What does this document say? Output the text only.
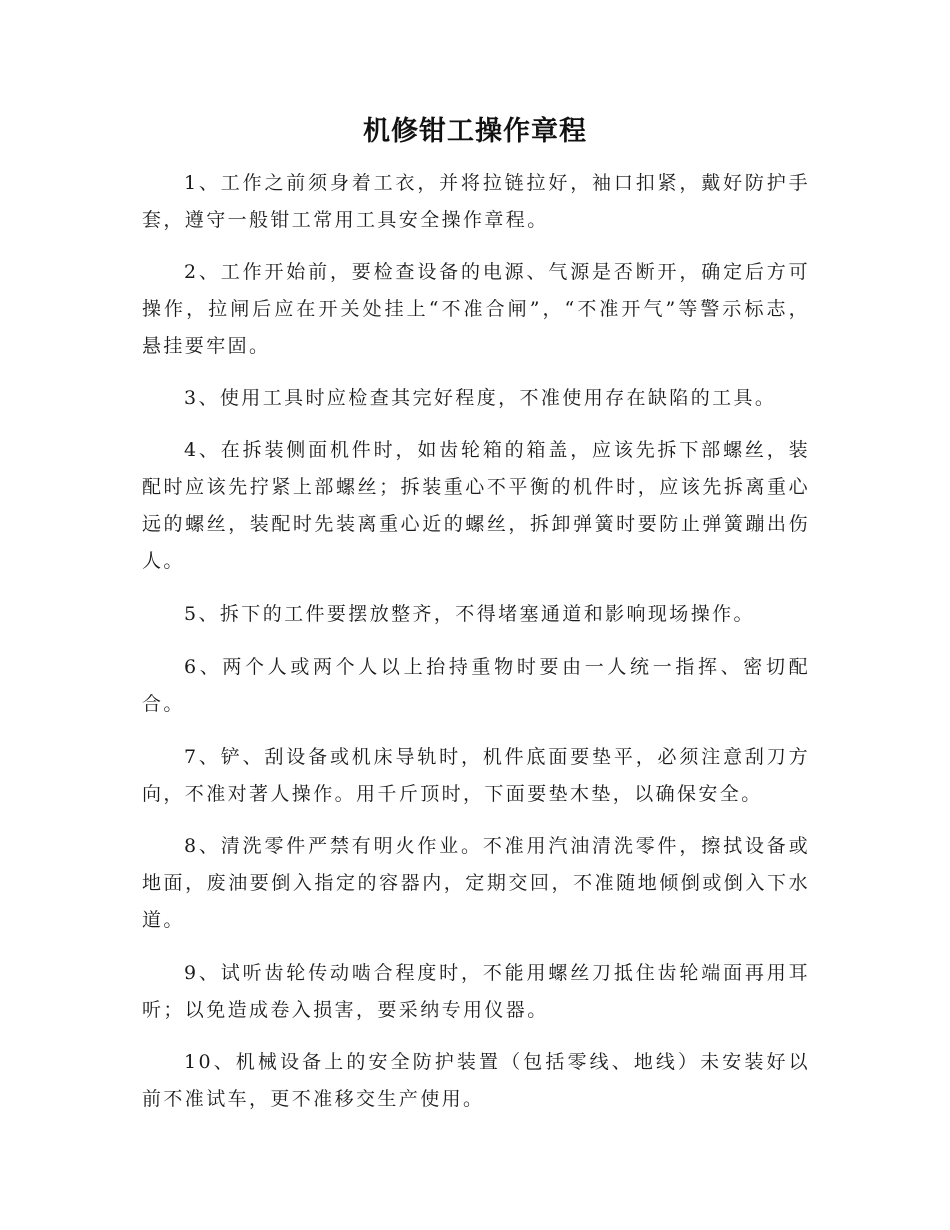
机修钳工操作章程

1、工作之前须身着工衣，并将拉链拉好，袖口扣紧，戴好防护手套，遵守一般钳工常用工具安全操作章程。

2、工作开始前，要检查设备的电源、气源是否断开，确定后方可操作，拉闸后应在开关处挂上“不准合闸”，“不准开气”等警示标志，悬挂要牢固。

3、使用工具时应检查其完好程度，不准使用存在缺陷的工具。

4、在拆装侧面机件时，如齿轮箱的箱盖，应该先拆下部螺丝，装配时应该先拧紧上部螺丝；拆装重心不平衡的机件时，应该先拆离重心远的螺丝，装配时先装离重心近的螺丝，拆卸弹簧时要防止弹簧蹦出伤人。

5、拆下的工件要摆放整齐，不得堵塞通道和影响现场操作。

6、两个人或两个人以上抬持重物时要由一人统一指挥、密切配合。

7、铲、刮设备或机床导轨时，机件底面要垫平，必须注意刮刀方向，不准对著人操作。用千斤顶时，下面要垫木垫，以确保安全。

8、清洗零件严禁有明火作业。不准用汽油清洗零件，擦拭设备或地面，废油要倒入指定的容器内，定期交回，不准随地倾倒或倒入下水道。

9、试听齿轮传动啮合程度时，不能用螺丝刀抵住齿轮端面再用耳听；以免造成卷入损害，要采纳专用仪器。

10、机械设备上的安全防护装置（包括零线、地线）未安装好以前不准试车，更不准移交生产使用。
